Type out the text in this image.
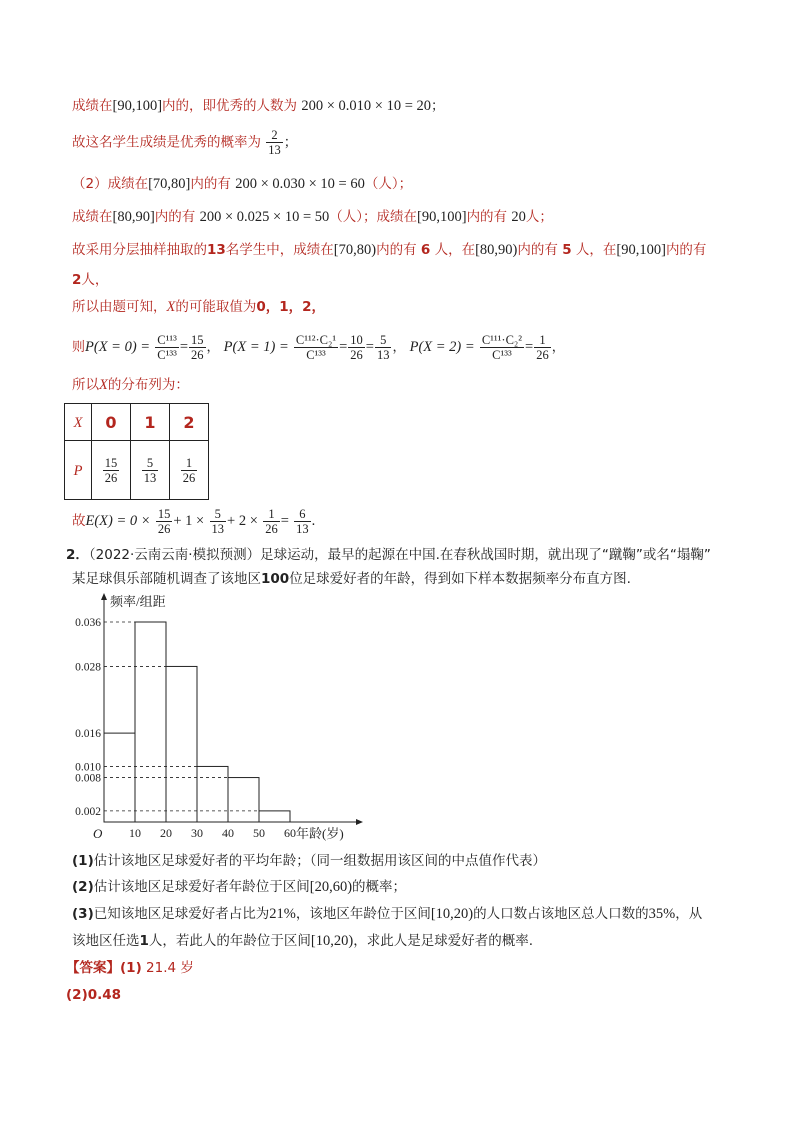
成绩在[90,100]内的，即优秀的人数为 200 × 0.010 × 10 = 20；
故这名学生成绩是优秀的概率为 $\frac{2}{13}$ ；
（2）成绩在[70,80]内的有 200 × 0.030 × 10 = 60（人）；
成绩在[80,90]内的有 200 × 0.025 × 10 = 50（人）；成绩在[90,100]内的有 20人；
故采用分层抽样抽取的13名学生中，成绩在[70,80)内的有 6 人，在[80,90)内的有 5 人，在[90,100]内的有
2人，
所以由题可知，X的可能取值为0，1，2，
则$P(X = 0) = \frac{\text{C¹¹³}}{\text{C¹³³}} = \frac{15}{26}$ ， $P(X = 1) = \frac{\text{C¹¹²·C₂¹}}{\text{C¹³³}} = \frac{10}{26} = \frac{5}{13}$ ， $P(X = 2) = \frac{\text{C¹¹¹·C₂²}}{\text{C¹³³}} = \frac{1}{26}$ ，
所以X的分布列为：
X	0	1	2
P	$\frac{15}{26}$	$\frac{5}{13}$	$\frac{1}{26}$
故$E(X) = 0 \times \frac{15}{26} + 1 \times \frac{5}{13} + 2 \times \frac{1}{26} = \frac{6}{13}$ .
2．（2022·云南云南·模拟预测）足球运动，最早的起源在中国.在春秋战国时期，就出现了“蹴鞠”或名“塌鞠”
某足球俱乐部随机调查了该地区100位足球爱好者的年龄，得到如下样本数据频率分布直方图.
频率/组距
年龄(岁)
O
0.036
0.028
0.016
0.010
0.008
0.002
10 20 30 40 50 60
(1)估计该地区足球爱好者的平均年龄；（同一组数据用该区间的中点值作代表）
(2)估计该地区足球爱好者年龄位于区间[20,60)的概率；
(3)已知该地区足球爱好者占比为21%，该地区年龄位于区间[10,20)的人口数占该地区总人口数的35%，从
该地区任选1人，若此人的年龄位于区间[10,20)，求此人是足球爱好者的概率.
【答案】(1) 21.4 岁
(2)0.48
